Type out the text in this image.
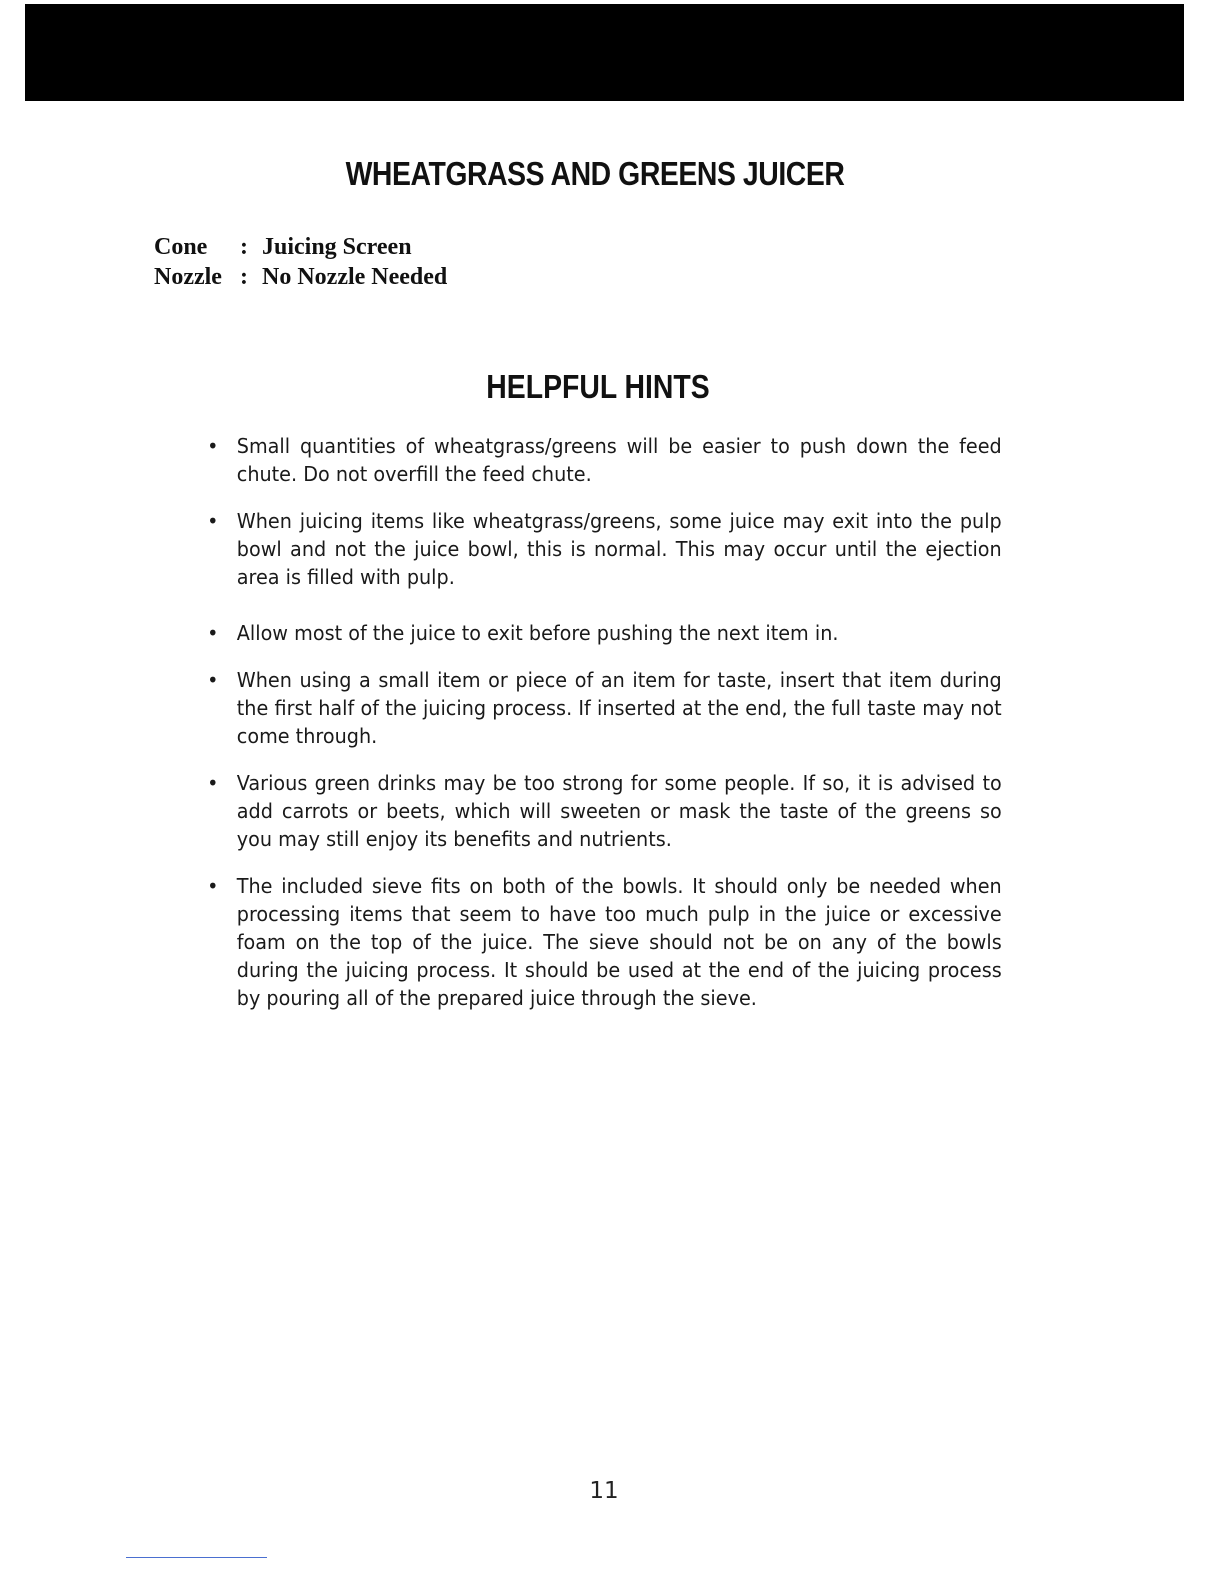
WHEATGRASS AND GREENS JUICER
Cone	: Juicing Screen
Nozzle : No Nozzle Needed
HELPFUL HINTS
• Small quantities of wheatgrass/greens will be easier to push down the feed chute. Do not overfill the feed chute.
• When juicing items like wheatgrass/greens, some juice may exit into the pulp bowl and not the juice bowl, this is normal. This may occur until the ejection area is filled with pulp.
• Allow most of the juice to exit before pushing the next item in.
• When using a small item or piece of an item for taste, insert that item during the first half of the juicing process. If inserted at the end, the full taste may not come through.
• Various green drinks may be too strong for some people. If so, it is advised to add carrots or beets, which will sweeten or mask the taste of the greens so you may still enjoy its benefits and nutrients.
• The included sieve fits on both of the bowls. It should only be needed when processing items that seem to have too much pulp in the juice or excessive foam on the top of the juice. The sieve should not be on any of the bowls during the juicing process. It should be used at the end of the juicing process by pouring all of the prepared juice through the sieve.
11
